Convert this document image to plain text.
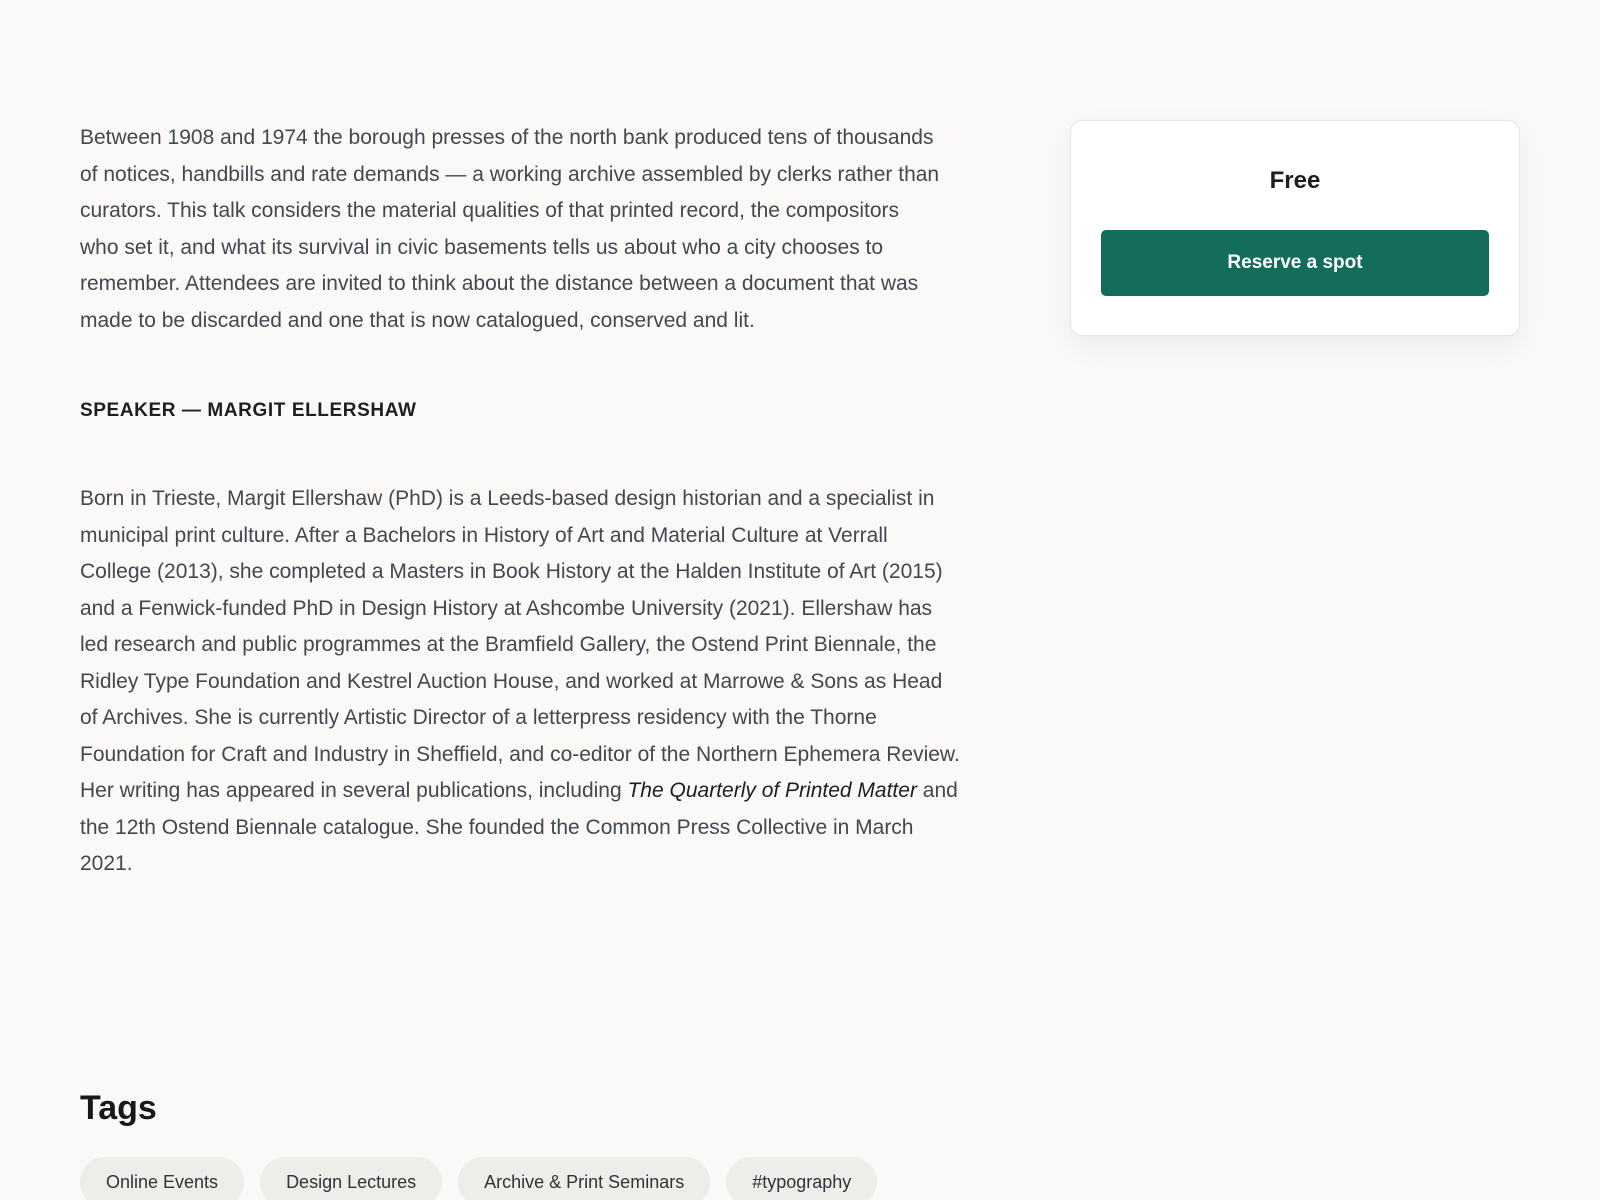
Between 1908 and 1974 the borough presses of the north bank produced tens of thousands of notices, handbills and rate demands — a working archive assembled by clerks rather than curators. This talk considers the material qualities of that printed record, the compositors who set it, and what its survival in civic basements tells us about who a city chooses to remember. Attendees are invited to think about the distance between a document that was made to be discarded and one that is now catalogued, conserved and lit.

SPEAKER — MARGIT ELLERSHAW

Born in Trieste, Margit Ellershaw (PhD) is a Leeds-based design historian and a specialist in municipal print culture. After a Bachelors in History of Art and Material Culture at Verrall College (2013), she completed a Masters in Book History at the Halden Institute of Art (2015) and a Fenwick-funded PhD in Design History at Ashcombe University (2021). Ellershaw has led research and public programmes at the Bramfield Gallery, the Ostend Print Biennale, the Ridley Type Foundation and Kestrel Auction House, and worked at Marrowe & Sons as Head of Archives. She is currently Artistic Director of a letterpress residency with the Thorne Foundation for Craft and Industry in Sheffield, and co-editor of the Northern Ephemera Review. Her writing has appeared in several publications, including The Quarterly of Printed Matter and the 12th Ostend Biennale catalogue. She founded the Common Press Collective in March 2021.

Tags
Online Events	Design Lectures	Archive & Print Seminars	#typography
Free
Reserve a spot
